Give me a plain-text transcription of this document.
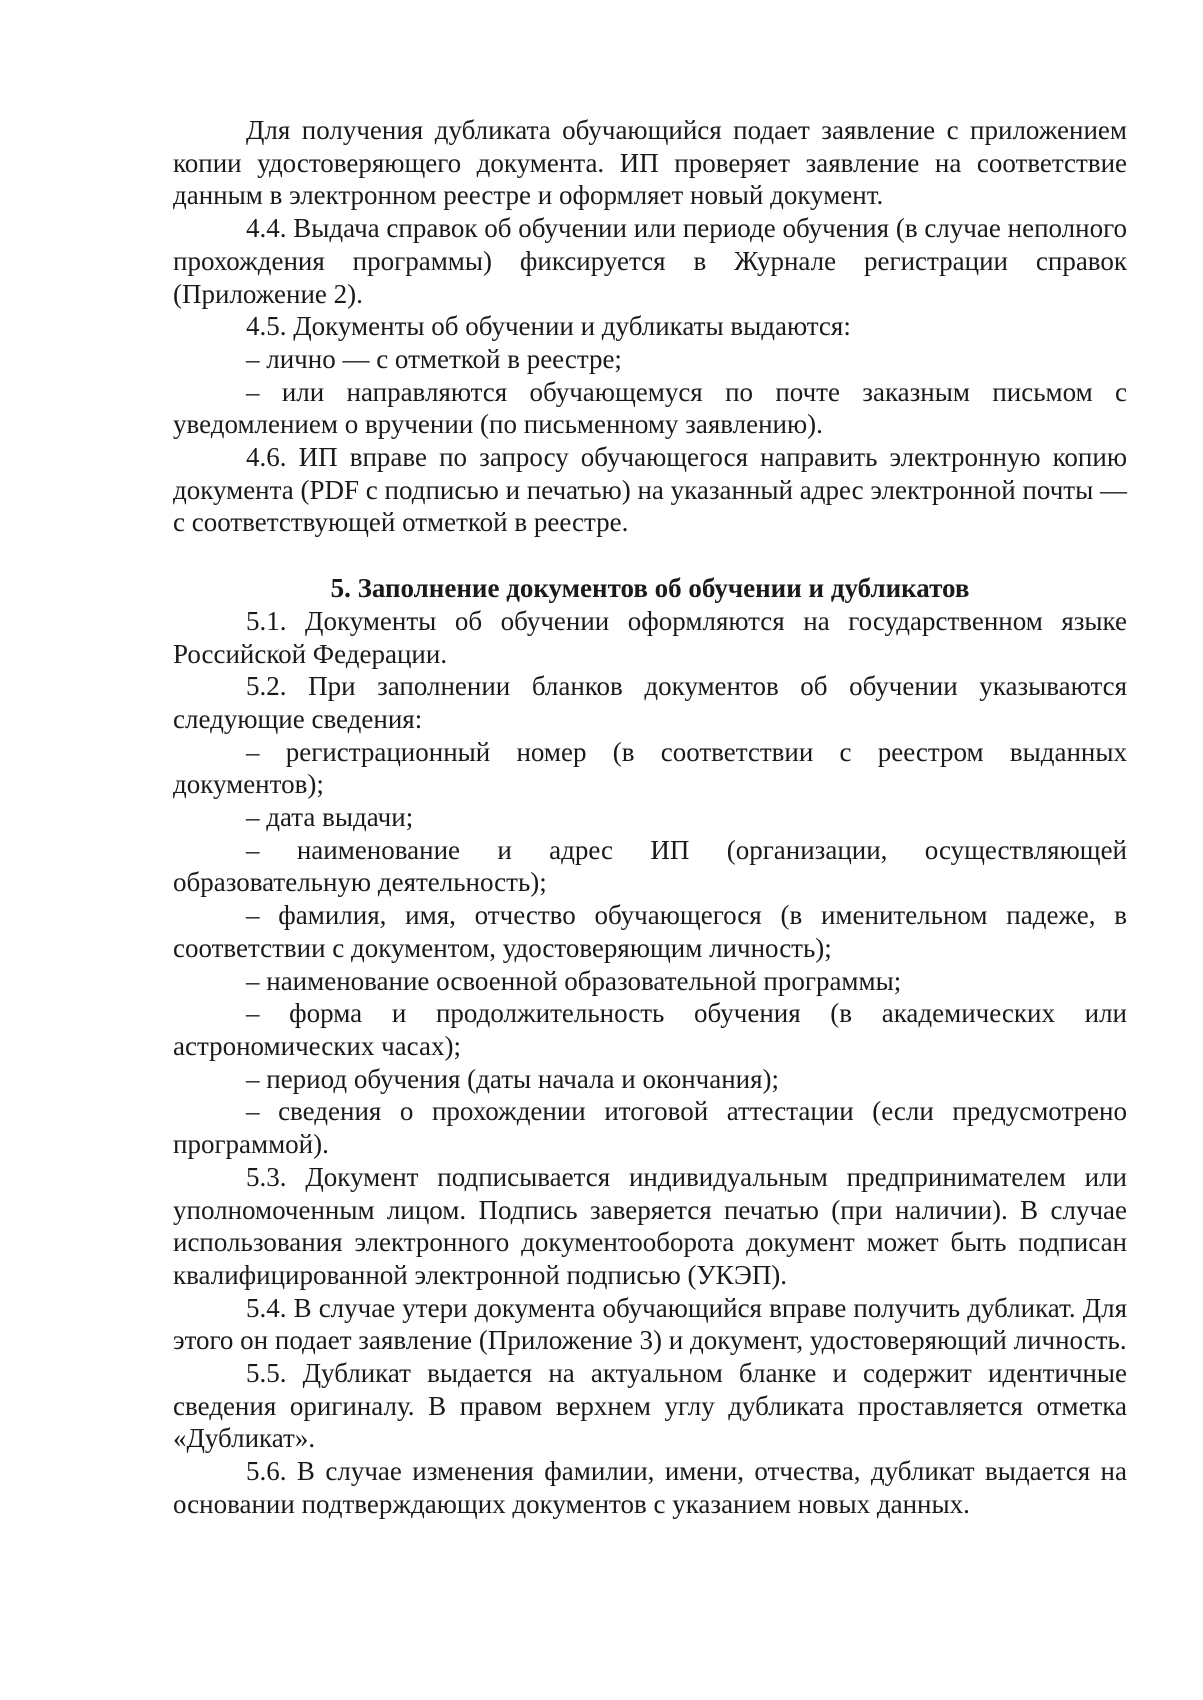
Для получения дубликата обучающийся подает заявление с приложением копии удостоверяющего документа. ИП проверяет заявление на соответствие данным в электронном реестре и оформляет новый документ.

4.4. Выдача справок об обучении или периоде обучения (в случае неполного прохождения программы) фиксируется в Журнале регистрации справок (Приложение 2).

4.5. Документы об обучении и дубликаты выдаются:

– лично — с отметкой в реестре;

– или направляются обучающемуся по почте заказным письмом с уведомлением о вручении (по письменному заявлению).

4.6. ИП вправе по запросу обучающегося направить электронную копию документа (PDF с подписью и печатью) на указанный адрес электронной почты — с соответствующей отметкой в реестре.

5. Заполнение документов об обучении и дубликатов

5.1. Документы об обучении оформляются на государственном языке Российской Федерации.

5.2. При заполнении бланков документов об обучении указываются следующие сведения:

– регистрационный номер (в соответствии с реестром выданных документов);

– дата выдачи;

– наименование и адрес ИП (организации, осуществляющей образовательную деятельность);

– фамилия, имя, отчество обучающегося (в именительном падеже, в соответствии с документом, удостоверяющим личность);

– наименование освоенной образовательной программы;

– форма и продолжительность обучения (в академических или астрономических часах);

– период обучения (даты начала и окончания);

– сведения о прохождении итоговой аттестации (если предусмотрено программой).

5.3. Документ подписывается индивидуальным предпринимателем или уполномоченным лицом. Подпись заверяется печатью (при наличии). В случае использования электронного документооборота документ может быть подписан квалифицированной электронной подписью (УКЭП).

5.4. В случае утери документа обучающийся вправе получить дубликат. Для этого он подает заявление (Приложение 3) и документ, удостоверяющий личность.

5.5. Дубликат выдается на актуальном бланке и содержит идентичные сведения оригиналу. В правом верхнем углу дубликата проставляется отметка «Дубликат».

5.6. В случае изменения фамилии, имени, отчества, дубликат выдается на основании подтверждающих документов с указанием новых данных.
